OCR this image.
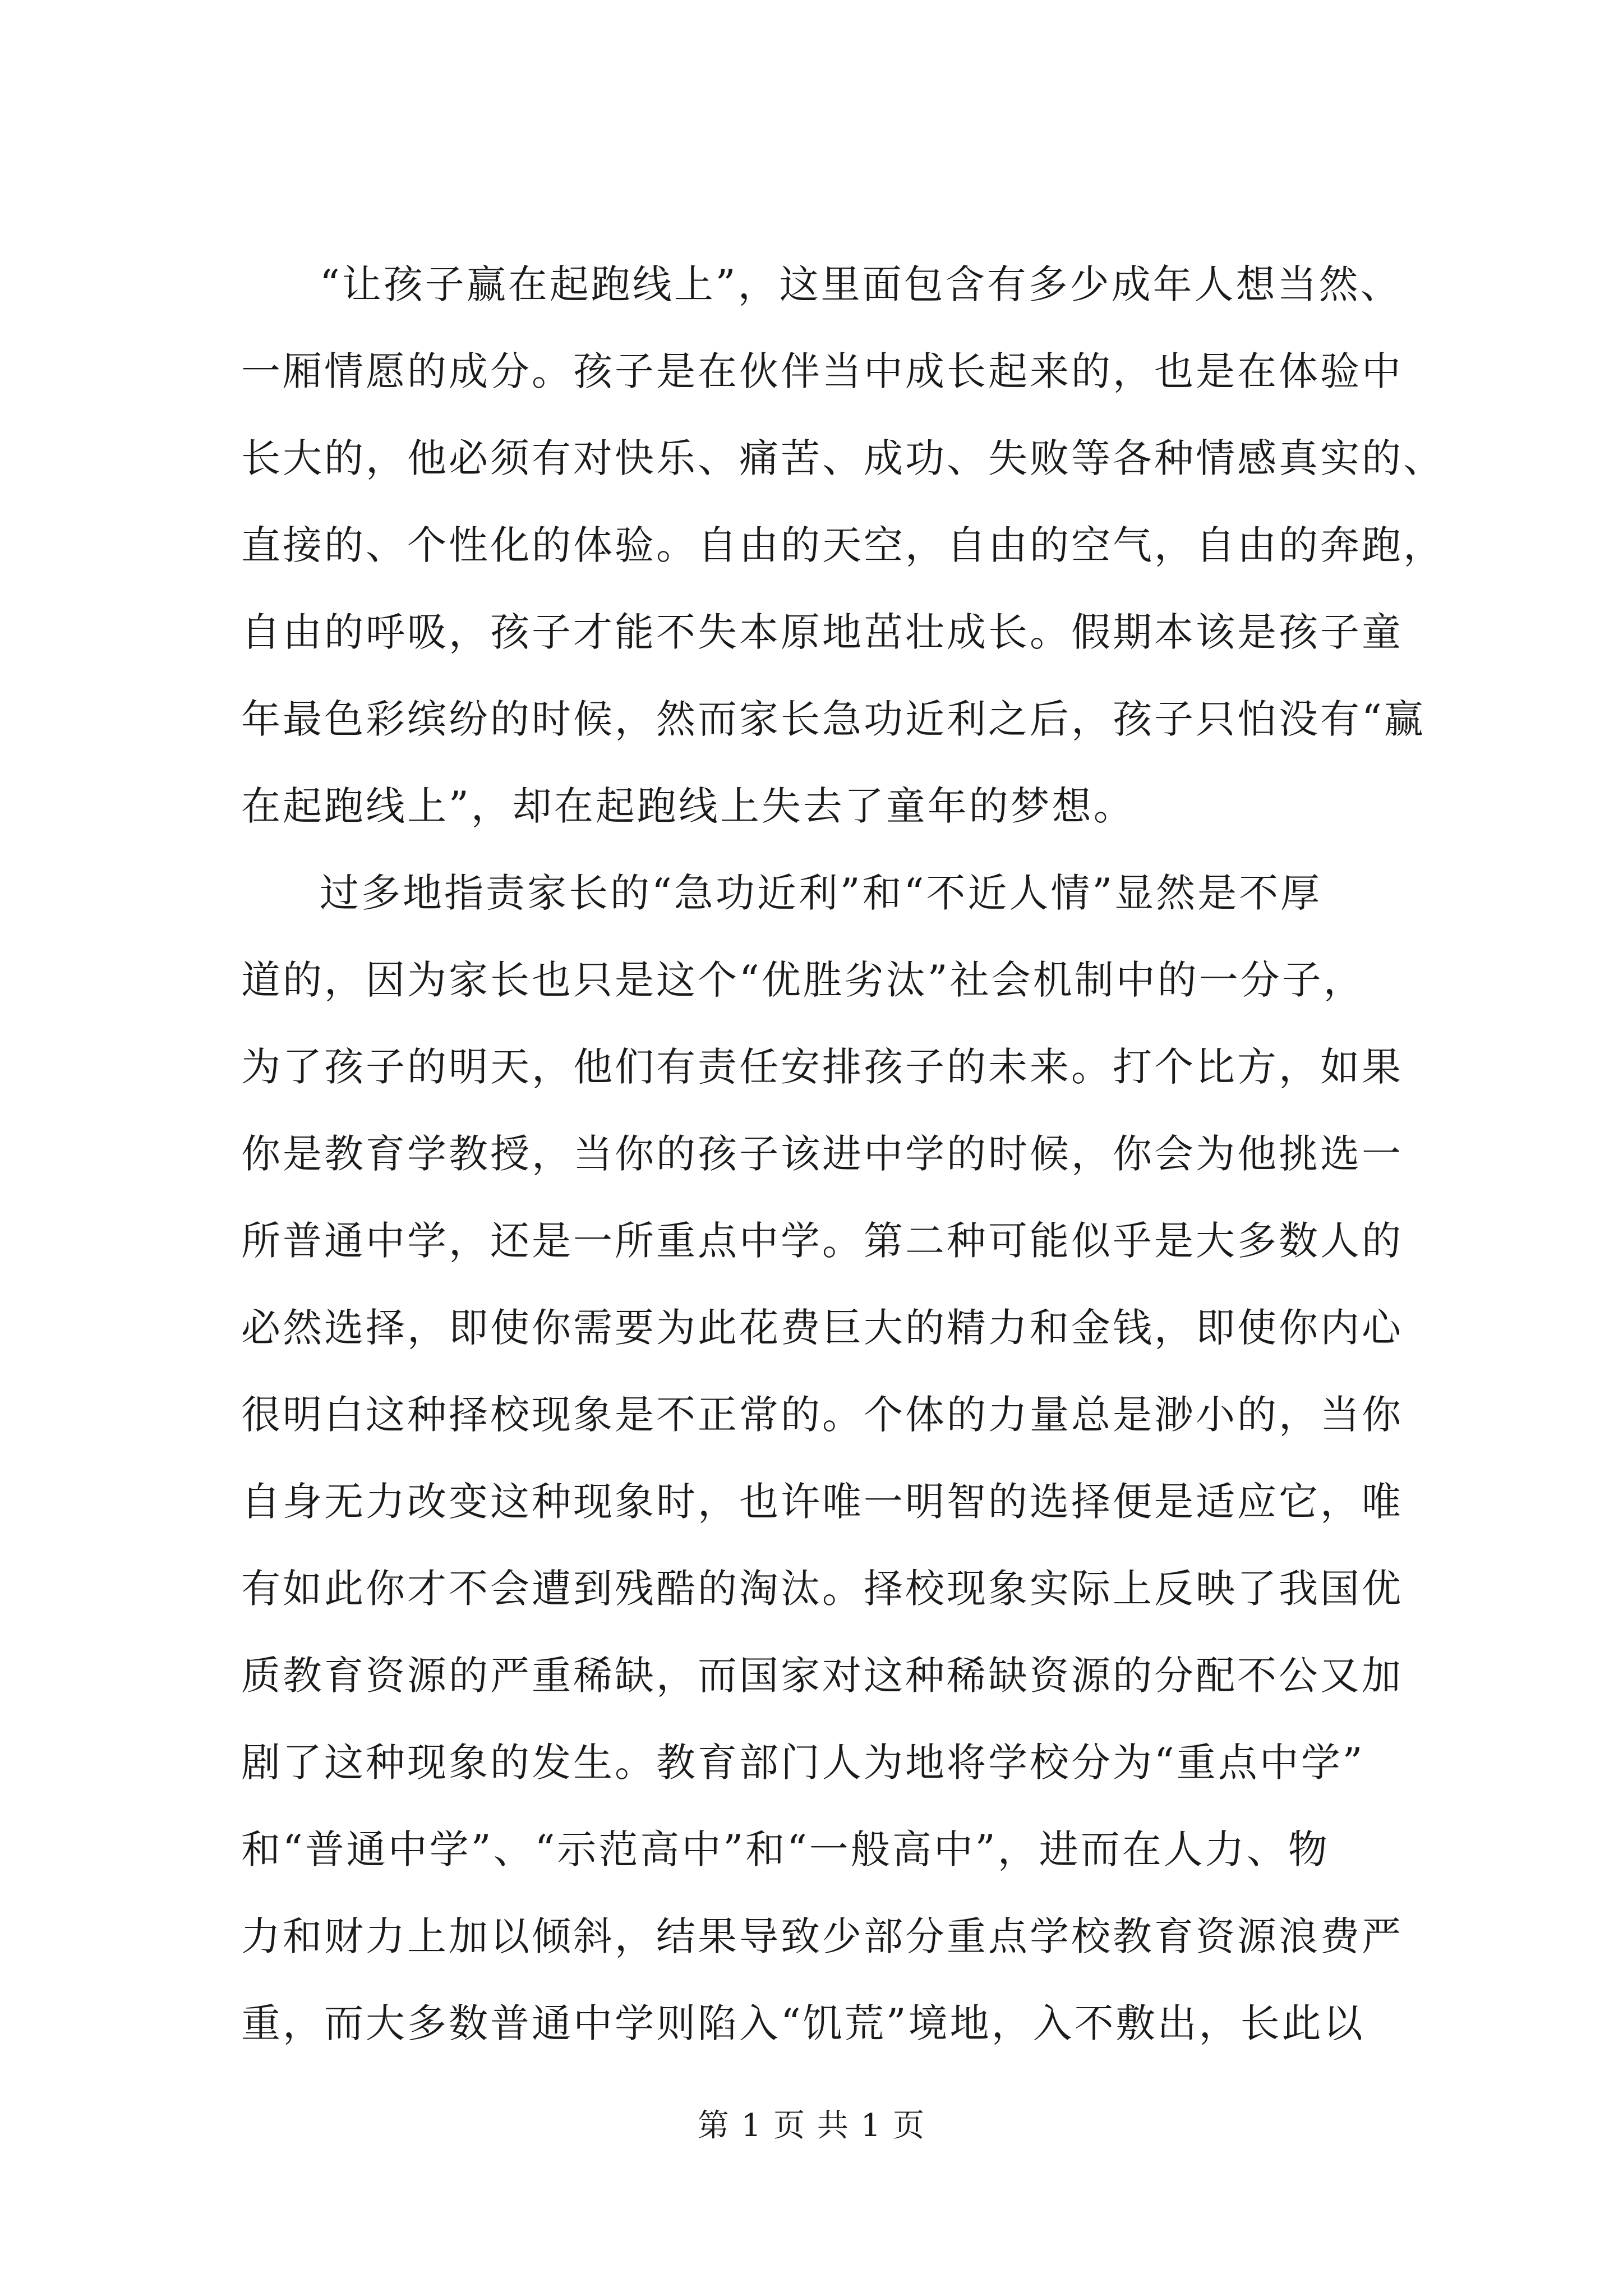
“让孩子赢在起跑线上”，这里面包含有多少成年人想当然、
一厢情愿的成分。孩子是在伙伴当中成长起来的，也是在体验中
长大的，他必须有对快乐、痛苦、成功、失败等各种情感真实的、
直接的、个性化的体验。自由的天空，自由的空气，自由的奔跑，
自由的呼吸，孩子才能不失本原地茁壮成长。假期本该是孩子童
年最色彩缤纷的时候，然而家长急功近利之后，孩子只怕没有“赢
在起跑线上”，却在起跑线上失去了童年的梦想。
过多地指责家长的“急功近利”和“不近人情”显然是不厚
道的，因为家长也只是这个“优胜劣汰”社会机制中的一分子，
为了孩子的明天，他们有责任安排孩子的未来。打个比方，如果
你是教育学教授，当你的孩子该进中学的时候，你会为他挑选一
所普通中学，还是一所重点中学。第二种可能似乎是大多数人的
必然选择，即使你需要为此花费巨大的精力和金钱，即使你内心
很明白这种择校现象是不正常的。个体的力量总是渺小的，当你
自身无力改变这种现象时，也许唯一明智的选择便是适应它，唯
有如此你才不会遭到残酷的淘汰。择校现象实际上反映了我国优
质教育资源的严重稀缺，而国家对这种稀缺资源的分配不公又加
剧了这种现象的发生。教育部门人为地将学校分为“重点中学”
和“普通中学”、“示范高中”和“一般高中”，进而在人力、物
力和财力上加以倾斜，结果导致少部分重点学校教育资源浪费严
重，而大多数普通中学则陷入“饥荒”境地，入不敷出，长此以
第 1 页 共 1 页
